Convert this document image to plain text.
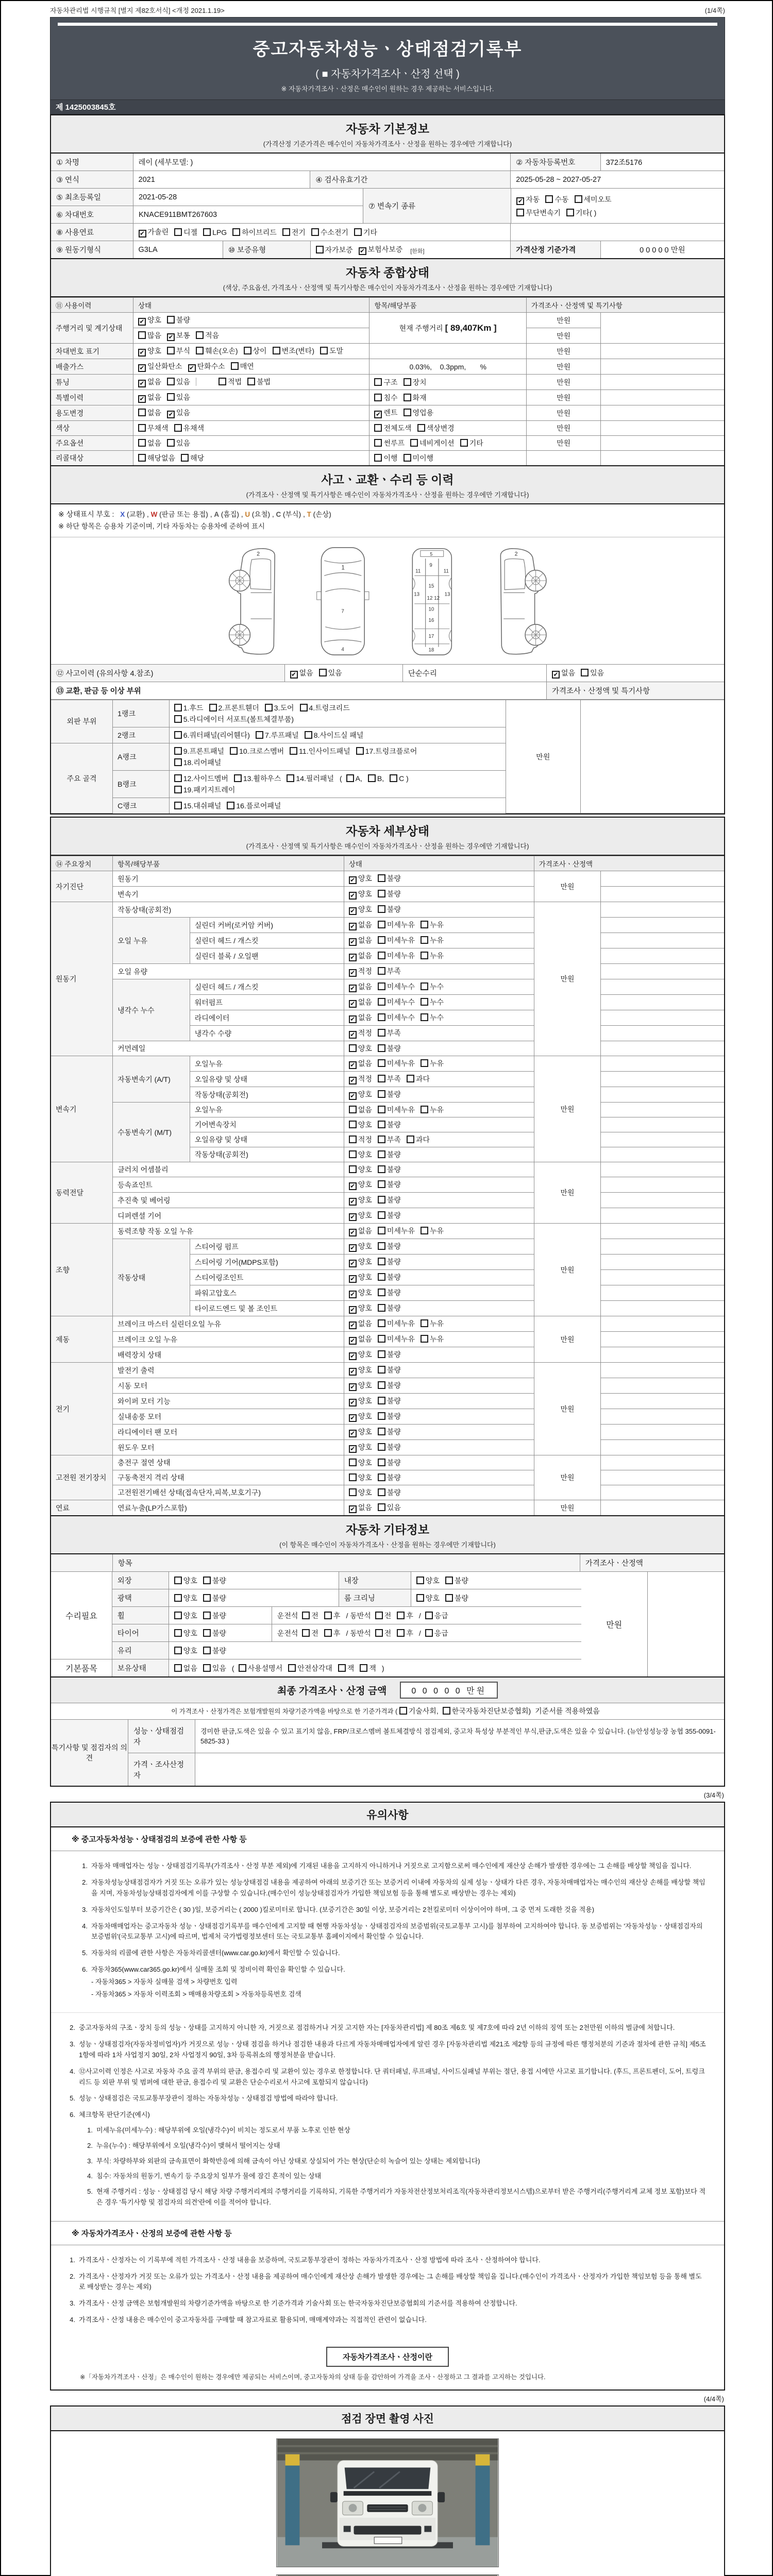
자동차관리법 시행규칙 [별지 제82호서식] <개정 2021.1.19>	(1/4쪽)
중고자동차성능ㆍ상태점검기록부
( ■ 자동차가격조사ㆍ산정 선택 )
※ 자동차가격조사ㆍ산정은 매수인이 원하는 경우 제공하는 서비스입니다.
제 1425003845호
자동차 기본정보
(가격산정 기준가격은 매수인이 자동차가격조사ㆍ산정을 원하는 경우에만 기재합니다)
① 차명	레이 (세부모델: )	② 자동차등록번호	372조5176
③ 연식	2021	④ 검사유효기간	2025-05-28 ~ 2027-05-27
⑤ 최초등록일	2021-05-28
⑥ 차대번호	KNACE911BMT267603
⑦ 변속기 종류
✔ 자동 수동 세미오토
무단변속기 기타( )
⑧ 사용연료	✔ 가솔린	디젤	LPG	하이브리드	전기	수소전기	기타
⑨ 원동기형식	G3LA	⑩ 보증유형	자가보증 ✔ 보험사보증 [한화]	가격산정 기준가격	0 0 0 0 0 만원
자동차 종합상태
(색상, 주요옵션, 가격조사ㆍ산정액 및 특기사항은 매수인이 자동차가격조사ㆍ산정을 원하는 경우에만 기재합니다)
⑪ 사용이력	상태	항목/해당부품	가격조사ㆍ산정액 및 특기사항	
주행거리 및 계기상태	✔ 양호 불량	현재 주행거리 [ 89,407Km ]	만원	
	많음 ✔ 보통 적음		만원	
차대번호 표기	✔ 양호 부식 훼손(오손) 상이 변조(변타) 도말		만원	
배출가스	✔ 일산화탄소 ✔ 탄화수소 매연	0.03%,    0.3ppm,       %	만원	
튜닝	✔ 없음 있음 적법 불법	구조 장치	만원	
특별이력	✔ 없음 있음	침수 화재	만원	
용도변경	없음 ✔ 있음	✔ 렌트 영업용	만원	
색상	무채색 유채색	전체도색 색상변경	만원	
주요옵션	없음 있음	썬루프 네비게이션 기타	만원	
리콜대상	해당없음 해당	이행 미이행		
사고ㆍ교환ㆍ수리 등 이력
(가격조사ㆍ산정액 및 특기사항은 매수인이 자동차가격조사ㆍ산정을 원하는 경우에만 기재합니다)
※ 상태표시 부호 : X (교환) , W (판금 또는 용접) , A (흠집) , U (요철) , C (부식) , T (손상)
※ 하단 항목은 승용차 기준이며, 기타 자동차는 승용차에 준하여 표시
2
1
7
4
5
9
11	11
13	13
12 12
15
10
16
17
18
2
⑫ 사고이력 (유의사항 4.참조)	✔ 없음	있음	단순수리	✔ 없음	있음
⑬ 교환, 판금 등 이상 부위	가격조사ㆍ산정액 및 특기사항
외판 부위	1랭크	1.후드 2.프론트휀더 3.도어 4.트렁크리드
5.라디에이터 서포트(볼트체결부품)	만원	
	2랭크	6.쿼터패널(리어휀다) 7.루프패널 8.사이드실 패널		

주요 골격	A랭크	9.프론트패널 10.크로스멤버 11.인사이드패널 17.트렁크플로어
18.리어패널		

	B랭크	12.사이드멤버 13.휠하우스 14.필러패널 ( A, B, C )
19.패키지트레이		

	C랭크	15.대쉬패널 16.플로어패널		
자동차 세부상태
(가격조사ㆍ산정액 및 특기사항은 매수인이 자동차가격조사ㆍ산정을 원하는 경우에만 기재합니다)
⑭ 주요장치	항목/해당부품		상태	가격조사ㆍ산정액	
자기진단	원동기		✔ 양호 불량	만원	
	변속기		✔ 양호 불량		
원동기	작동상태(공회전)		✔ 양호 불량	만원	
	오일 누유	실린더 커버(로커암 커버)	✔ 없음 미세누유 누유		
		실린더 헤드 / 개스킷	✔ 없음 미세누유 누유		
		실린더 블록 / 오일팬	✔ 없음 미세누유 누유		
	오일 유량		✔ 적정 부족		
	냉각수 누수	실린더 헤드 / 개스킷	✔ 없음 미세누수 누수		
		워터펌프	✔ 없음 미세누수 누수		
		라디에이터	✔ 없음 미세누수 누수		
		냉각수 수량	✔ 적정 부족		
	커먼레일		양호 불량		
변속기	자동변속기 (A/T)	오일누유	✔ 없음 미세누유 누유	만원	
		오일유량 및 상태	✔ 적정 부족 과다		
		작동상태(공회전)	✔ 양호 불량		
	수동변속기 (M/T)	오일누유	없음 미세누유 누유		
		기어변속장치	양호 불량		
		오일유량 및 상태	적정 부족 과다		
		작동상태(공회전)	양호 불량		
동력전달	클러치 어셈블리		양호 불량	만원	
	등속죠인트		✔ 양호 불량		
	추진축 및 베어링		✔ 양호 불량		
	디퍼렌셜 기어		✔ 양호 불량		
조향	동력조향 작동 오일 누유		✔ 없음 미세누유 누유	만원	
	작동상태	스티어링 펌프	✔ 양호 불량		
		스티어링 기어(MDPS포함)	✔ 양호 불량		
		스티어링조인트	✔ 양호 불량		
		파워고압호스	✔ 양호 불량		
		타이로드엔드 및 볼 조인트	✔ 양호 불량		
제동	브레이크 마스터 실린더오일 누유		✔ 없음 미세누유 누유	만원	
	브레이크 오일 누유		✔ 없음 미세누유 누유		
	배력장치 상태		✔ 양호 불량		
전기	발전기 출력		✔ 양호 불량	만원	
	시동 모터		✔ 양호 불량		
	와이퍼 모터 기능		✔ 양호 불량		
	실내송풍 모터		✔ 양호 불량		
	라디에이터 팬 모터		✔ 양호 불량		
	윈도우 모터		✔ 양호 불량		
고전원 전기장치	충전구 절연 상태		양호 불량	만원	
	구동축전지 격리 상태		양호 불량		
	고전원전기배선 상태(접속단자,피복,보호기구)		양호 불량		
연료	연료누출(LP가스포함)		✔ 없음 있음	만원	
자동차 기타정보
(이 항목은 매수인이 자동차가격조사ㆍ산정을 원하는 경우에만 기재합니다)
항목	가격조사ㆍ산정액
수리필요
기본품목
외장	양호	불량	내장	양호	불량
광택	양호	불량	룸 크리닝	양호	불량
휠	양호	불량	운전석	전	후 / 동반석	전	후 /	응급
타이어	양호	불량	운전석	전	후 / 동반석	전	후 /	응급
유리	양호	불량
보유상태	없음	있음 (	사용설명서	안전삼각대	잭	잭 )
만원
최종 가격조사ㆍ산정 금액	0 0 0 0 0 만원
이 가격조사ㆍ산정가격은 보험개발원의 차량기준가액을 바탕으로 한 기준가격과 ( 기술사회, 한국자동차진단보증협회) 기준서를 적용하였음
특기사항 및 점검자의 의견
성능ㆍ상태점검자
경미한 판금,도색은 있을 수 있고 표기치 않음, FRP/크로스멤버 볼트체결방식 점검제외, 중고차 특성상 부분적인 부식,판금,도색은 있을 수 있습니다. (뉴안성성능장 농협 355-0091-5825-33 )
가격ㆍ조사산정자
(3/4쪽)
유의사항
※ 중고자동차성능ㆍ상태점검의 보증에 관한 사항 등
1. 자동차 매매업자는 성능ㆍ상태점검기록부(가격조사ㆍ산정 부분 제외)에 기재된 내용을 고지하지 아니하거나 거짓으로 고지함으로써 매수인에게 재산상 손해가 발생한 경우에는 그 손해를 배상할 책임을 집니다.
2. 자동차성능상태점검자가 거짓 또는 오류가 있는 성능상태점검 내용을 제공하여 아래의 보증기간 또는 보증거리 이내에 자동차의 실제 성능ㆍ상태가 다른 경우, 자동차매매업자는 매수인의 재산상 손해를 배상할 책임을 지며, 자동차성능상태점검자에게 이를 구상할 수 있습니다.(매수인이 성능상태점검자가 가입한 책임보험 등을 통해 별도로 배상받는 경우는 제외)
3. 자동차인도일부터 보증기간은 ( 30 )일, 보증거리는 ( 2000 )킬로미터로 합니다. (보증기간은 30일 이상, 보증거리는 2천킬로미터 이상이어야 하며, 그 중 먼저 도래한 것을 적용)
4. 자동차매매업자는 중고자동차 성능ㆍ상태점검기록부를 매수인에게 고지할 때 현행 자동차성능ㆍ상태점검자의 보증범위(국토교통부 고시)를 첨부하여 고지하여야 합니다. 동 보증범위는 '자동차성능ㆍ상태점검자의 보증범위'(국토교통부 고시)에 따르며, 법제처 국가법령정보센터 또는 국토교통부 홈페이지에서 확인할 수 있습니다.
5. 자동차의 리콜에 관한 사항은 자동차리콜센터(www.car.go.kr)에서 확인할 수 있습니다.
6. 자동차365(www.car365.go.kr)에서 실매물 조회 및 정비이력 확인을 확인할 수 있습니다.
- 자동차365 > 자동차 실매물 검색 > 차량번호 입력
- 자동차365 > 자동차 이력조회 > 매매용차량조회 > 자동차등록번호 검색
2. 중고자동차의 구조ㆍ장치 등의 성능ㆍ상태를 고지하지 아니한 자, 거짓으로 점검하거나 거짓 고지한 자는 [자동차관리법] 제 80조 제6호 및 제7호에 따라 2년 이하의 징역 또는 2천만원 이하의 벌금에 처합니다.
3. 성능ㆍ상태점검자(자동차정비업자)가 거짓으로 성능ㆍ상태 점검을 하거나 점검한 내용과 다르게 자동차매매업자에게 알린 경우 [자동차관리법 제21조 제2항 등의 규정에 따른 행정처분의 기준과 절차에 관한 규칙] 제5조 1항에 따라 1차 사업정지 30일, 2차 사업정지 90일, 3차 등록취소의 행정처분을 받습니다.
4. ⑫사고이력 인정은 사고로 자동차 주요 골격 부위의 판금, 용접수리 및 교환이 있는 경우로 한정합니다. 단 쿼터패널, 루프패널, 사이드실패널 부위는 절단, 용접 시에만 사고로 표기합니다. (후드, 프론트펜더, 도어, 트렁크리드 등 외판 부위 및 범퍼에 대한 판금, 용접수리 및 교환은 단순수리로서 사고에 포함되지 않습니다)
5. 성능ㆍ상태점검은 국토교통부장관이 정하는 자동차성능ㆍ상태점검 방법에 따라야 합니다.
6. 체크항목 판단기준(예시)
1. 미세누유(미세누수) : 해당부위에 오일(냉각수)이 비치는 정도로서 부품 노후로 인한 현상
2. 누유(누수) : 해당부위에서 오일(냉각수)이 맺혀서 떨어지는 상태
3. 부식: 차량하부와 외판의 금속표면이 화학반응에 의해 금속이 아닌 상태로 상실되어 가는 현상(단순히 녹슬어 있는 상태는 제외합니다)
4. 침수: 자동차의 원동기, 변속기 등 주요장치 일부가 물에 잠긴 흔적이 있는 상태
5. 현재 주행거리 : 성능ㆍ상태점검 당시 해당 차량 주행거리계의 주행거리를 기록하되, 기록한 주행거리가 자동차전산정보처리조직(자동차관리정보시스템)으로부터 받은 주행거리(주행거리계 교체 정보 포함)보다 적은 경우 '특기사항 및 점검자의 의견'란에 이를 적어야 합니다.
※ 자동차가격조사ㆍ산정의 보증에 관한 사항 등
1. 가격조사ㆍ산정자는 이 기록부에 적힌 가격조사ㆍ산정 내용을 보증하며, 국토교통부장관이 정하는 자동차가격조사ㆍ산정 방법에 따라 조사ㆍ산정하여야 합니다.
2. 가격조사ㆍ산정자가 거짓 또는 오류가 있는 가격조사ㆍ산정 내용을 제공하여 매수인에게 재산상 손해가 발생한 경우에는 그 손해를 배상할 책임을 집니다.(매수인이 가격조사ㆍ산정자가 가입한 책임보험 등을 통해 별도로 배상받는 경우는 제외)
3. 가격조사ㆍ산정 금액은 보험개발원의 차량기준가액을 바탕으로 한 기준가격과 기술사회 또는 한국자동차진단보증협회의 기준서를 적용하여 산정합니다.
4. 가격조사ㆍ산정 내용은 매수인이 중고자동차를 구매할 때 참고자료로 활용되며, 매매계약과는 직접적인 관련이 없습니다.
자동차가격조사ㆍ산정이란
※「자동차가격조사ㆍ산정」은 매수인이 원하는 경우에만 제공되는 서비스이며, 중고자동차의 상태 등을 감안하여 가격을 조사ㆍ산정하고 그 결과를 고지하는 것입니다.
(4/4쪽)
점검 장면 촬영 사진
